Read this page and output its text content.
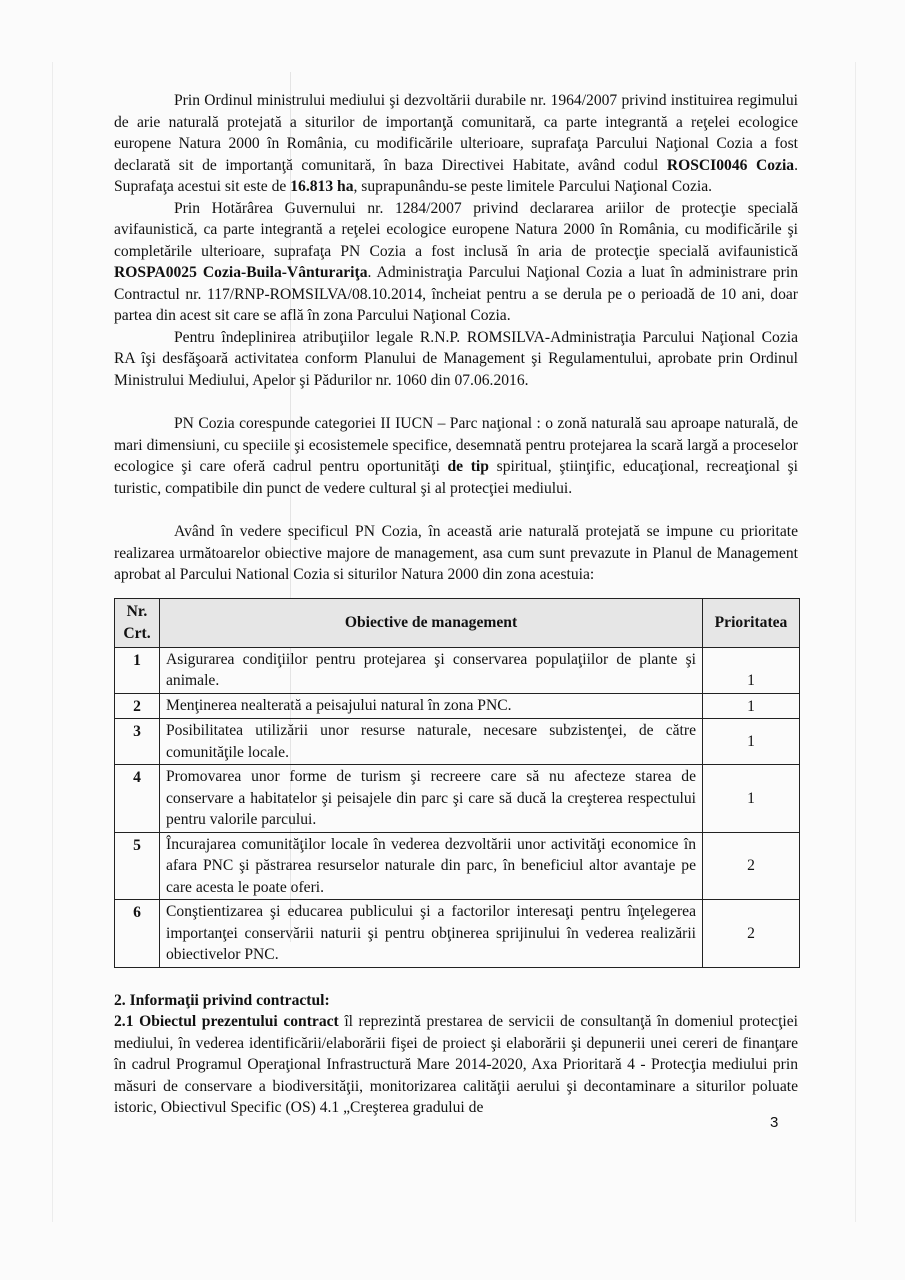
Prin Ordinul ministrului mediului şi dezvoltării durabile nr. 1964/2007 privind instituirea regimului de arie naturală protejată a siturilor de importanţă comunitară, ca parte integrantă a reţelei ecologice europene Natura 2000 în România, cu modificările ulterioare, suprafaţa Parcului Naţional Cozia a fost declarată sit de importanţă comunitară, în baza Directivei Habitate, având codul ROSCI0046 Cozia. Suprafaţa acestui sit este de 16.813 ha, suprapunându-se peste limitele Parcului Naţional Cozia.

Prin Hotărârea Guvernului nr. 1284/2007 privind declararea ariilor de protecţie specială avifaunistică, ca parte integrantă a reţelei ecologice europene Natura 2000 în România, cu modificările şi completările ulterioare, suprafaţa PN Cozia a fost inclusă în aria de protecţie specială avifaunistică ROSPA0025 Cozia-Buila-Vânturariţa. Administraţia Parcului Naţional Cozia a luat în administrare prin Contractul nr. 117/RNP-ROMSILVA/08.10.2014, încheiat pentru a se derula pe o perioadă de 10 ani, doar partea din acest sit care se află în zona Parcului Naţional Cozia.

Pentru îndeplinirea atribuţiilor legale R.N.P. ROMSILVA-Administraţia Parcului Naţional Cozia RA îşi desfăşoară activitatea conform Planului de Management şi Regulamentului, aprobate prin Ordinul Ministrului Mediului, Apelor şi Pădurilor nr. 1060 din 07.06.2016.

PN Cozia corespunde categoriei II IUCN – Parc naţional : o zonă naturală sau aproape naturală, de mari dimensiuni, cu speciile şi ecosistemele specifice, desemnată pentru protejarea la scară largă a proceselor ecologice şi care oferă cadrul pentru oportunităţi de tip spiritual, ştiinţific, educaţional, recreaţional şi turistic, compatibile din punct de vedere cultural şi al protecţiei mediului.

Având în vedere specificul PN Cozia, în această arie naturală protejată se impune cu prioritate realizarea următoarelor obiective majore de management, asa cum sunt prevazute in Planul de Management aprobat al Parcului National Cozia si siturilor Natura 2000 din zona acestuia:

Nr. Crt.	Obiective de management	Prioritatea
1	Asigurarea condiţiilor pentru protejarea şi conservarea populaţiilor de plante şi animale.	1
2	Menţinerea nealterată a peisajului natural în zona PNC.	1
3	Posibilitatea utilizării unor resurse naturale, necesare subzistenţei, de către comunităţile locale.	1
4	Promovarea unor forme de turism şi recreere care să nu afecteze starea de conservare a habitatelor şi peisajele din parc şi care să ducă la creşterea respectului pentru valorile parcului.	1
5	Încurajarea comunităţilor locale în vederea dezvoltării unor activităţi economice în afara PNC şi păstrarea resurselor naturale din parc, în beneficiul altor avantaje pe care acesta le poate oferi.	2
6	Conştientizarea şi educarea publicului şi a factorilor interesaţi pentru înţelegerea importanţei conservării naturii şi pentru obţinerea sprijinului în vederea realizării obiectivelor PNC.	2

2. Informaţii privind contractul:

2.1 Obiectul prezentului contract îl reprezintă prestarea de servicii de consultanţă în domeniul protecţiei mediului, în vederea identificării/elaborării fişei de proiect şi elaborării şi depunerii unei cereri de finanţare în cadrul Programul Operaţional Infrastructură Mare 2014-2020, Axa Prioritară 4 - Protecţia mediului prin măsuri de conservare a biodiversităţii, monitorizarea calităţii aerului şi decontaminare a siturilor poluate istoric, Obiectivul Specific (OS) 4.1 „Creşterea gradului de

3
